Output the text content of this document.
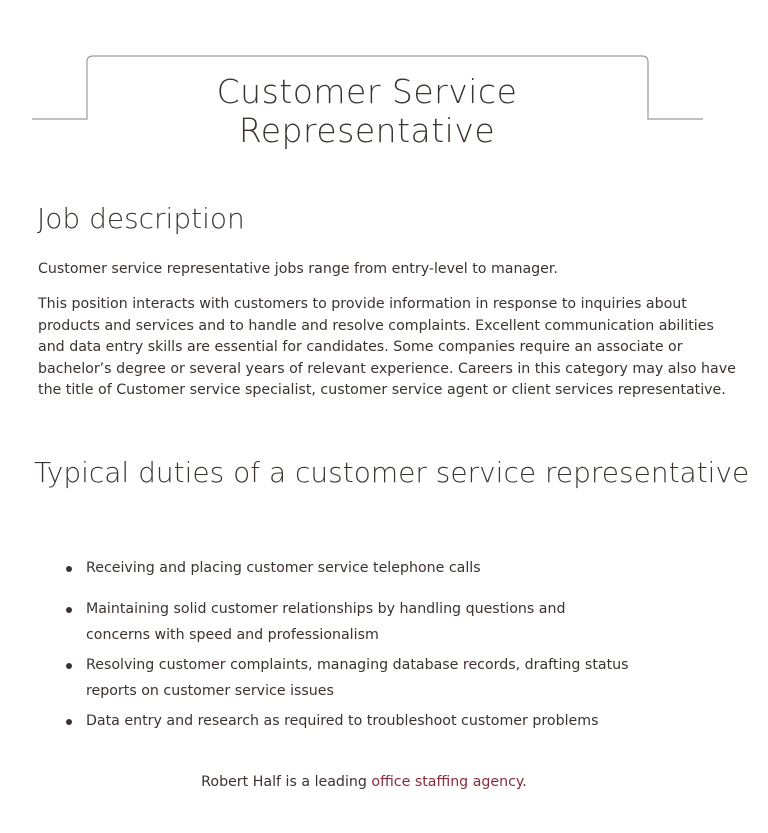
Customer Service Representative
Job description

Customer service representative jobs range from entry-level to manager.

This position interacts with customers to provide information in response to inquiries about products and services and to handle and resolve complaints. Excellent communication abilities and data entry skills are essential for candidates. Some companies require an associate or bachelor’s degree or several years of relevant experience. Careers in this category may also have the title of Customer service specialist, customer service agent or client services representative.

Typical duties of a customer service representative
Receiving and placing customer service telephone calls
Maintaining solid customer relationships by handling questions and concerns with speed and professionalism
Resolving customer complaints, managing database records, drafting status reports on customer service issues
Data entry and research as required to troubleshoot customer problems
Robert Half is a leading office staffing agency.
